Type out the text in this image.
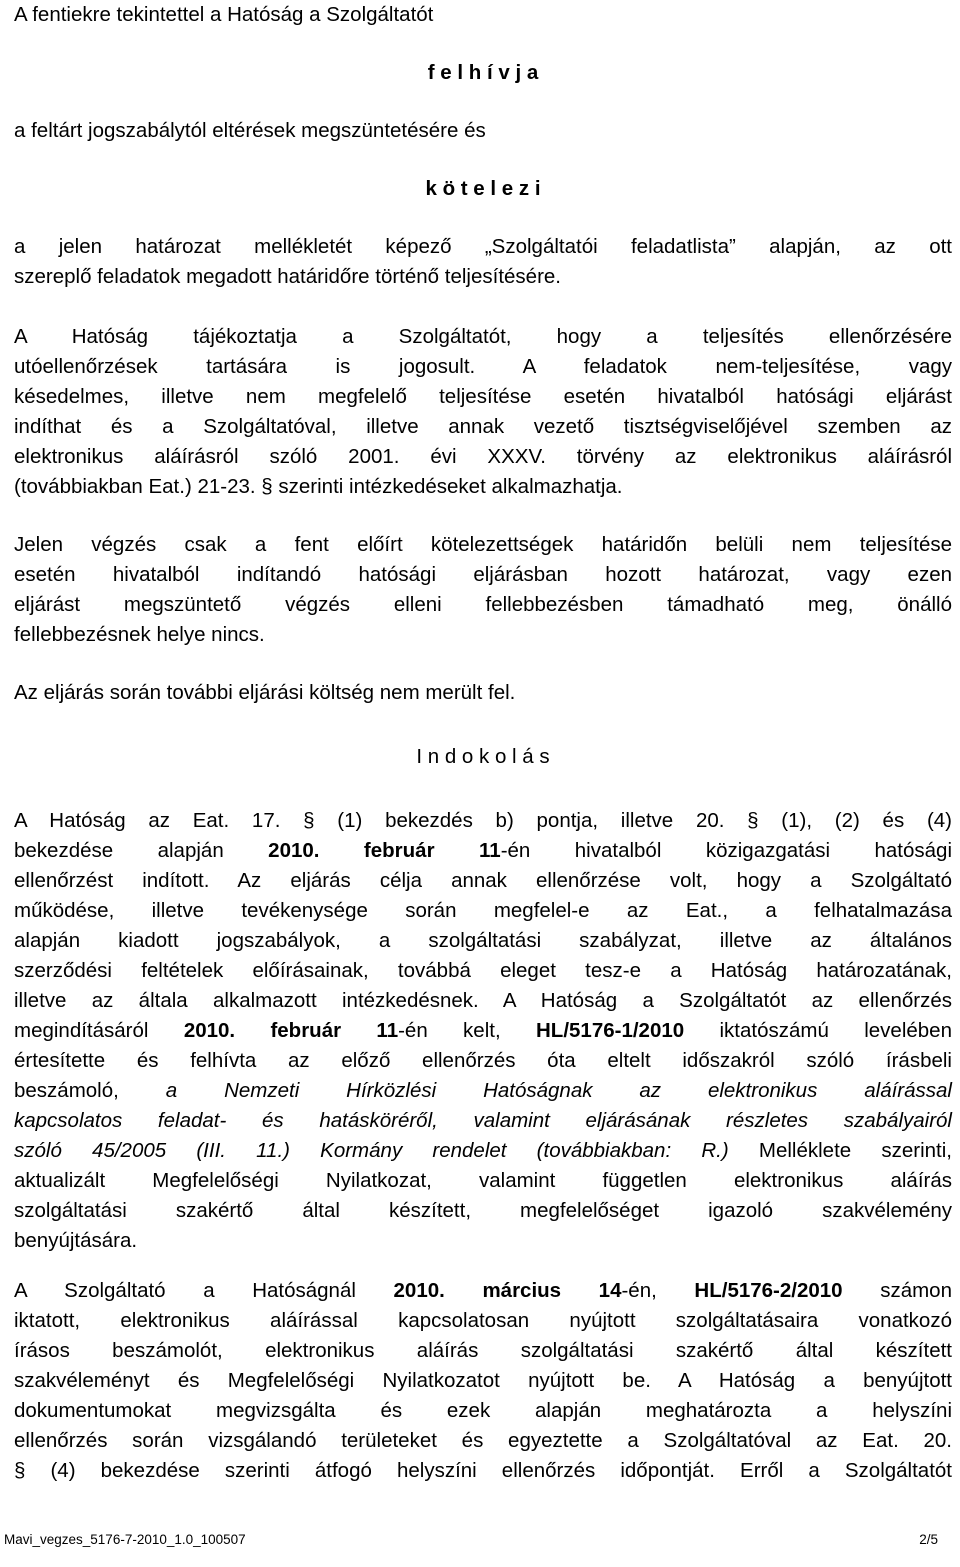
A fentiekre tekintettel a Hatóság a Szolgáltatót
f e l h í v j a
a feltárt jogszabálytól eltérések megszüntetésére és
k ö t e l e z i
a jelen határozat mellékletét képező „Szolgáltatói feladatlista” alapján, az ott
szereplő feladatok megadott határidőre történő teljesítésére.
A Hatóság tájékoztatja a Szolgáltatót, hogy a teljesítés ellenőrzésére
utóellenőrzések tartására is jogosult. A feladatok nem-teljesítése, vagy
késedelmes, illetve nem megfelelő teljesítése esetén hivatalból hatósági eljárást
indíthat és a Szolgáltatóval, illetve annak vezető tisztségviselőjével szemben az
elektronikus aláírásról szóló 2001. évi XXXV. törvény az elektronikus aláírásról
(továbbiakban Eat.) 21-23. § szerinti intézkedéseket alkalmazhatja.
Jelen végzés csak a fent előírt kötelezettségek határidőn belüli nem teljesítése
esetén hivatalból indítandó hatósági eljárásban hozott határozat, vagy ezen
eljárást megszüntető végzés elleni fellebbezésben támadható meg, önálló
fellebbezésnek helye nincs.
Az eljárás során további eljárási költség nem merült fel.
I n d o k o l á s
A Hatóság az Eat. 17. § (1) bekezdés b) pontja, illetve 20. § (1), (2) és (4)
bekezdése alapján 2010. február 11-én hivatalból közigazgatási hatósági
ellenőrzést indított. Az eljárás célja annak ellenőrzése volt, hogy a Szolgáltató
működése, illetve tevékenysége során megfelel-e az Eat., a felhatalmazása
alapján kiadott jogszabályok, a szolgáltatási szabályzat, illetve az általános
szerződési feltételek előírásainak, továbbá eleget tesz-e a Hatóság határozatának,
illetve az általa alkalmazott intézkedésnek. A Hatóság a Szolgáltatót az ellenőrzés
megindításáról 2010. február 11-én kelt, HL/5176-1/2010 iktatószámú levelében
értesítette és felhívta az előző ellenőrzés óta eltelt időszakról szóló írásbeli
beszámoló, a Nemzeti Hírközlési Hatóságnak az elektronikus aláírással
kapcsolatos feladat- és hatásköréről, valamint eljárásának részletes szabályairól
szóló 45/2005 (III. 11.) Kormány rendelet (továbbiakban: R.) Melléklete szerinti,
aktualizált Megfelelőségi Nyilatkozat, valamint független elektronikus aláírás
szolgáltatási szakértő által készített, megfelelőséget igazoló szakvélemény
benyújtására.
A Szolgáltató a Hatóságnál 2010. március 14-én, HL/5176-2/2010 számon
iktatott, elektronikus aláírással kapcsolatosan nyújtott szolgáltatásaira vonatkozó
írásos beszámolót, elektronikus aláírás szolgáltatási szakértő által készített
szakvéleményt és Megfelelőségi Nyilatkozatot nyújtott be. A Hatóság a benyújtott
dokumentumokat megvizsgálta és ezek alapján meghatározta a helyszíni
ellenőrzés során vizsgálandó területeket és egyeztette a Szolgáltatóval az Eat. 20.
§ (4) bekezdése szerinti átfogó helyszíni ellenőrzés időpontját. Erről a Szolgáltatót
Mavi_vegzes_5176-7-2010_1.0_100507	2/5
